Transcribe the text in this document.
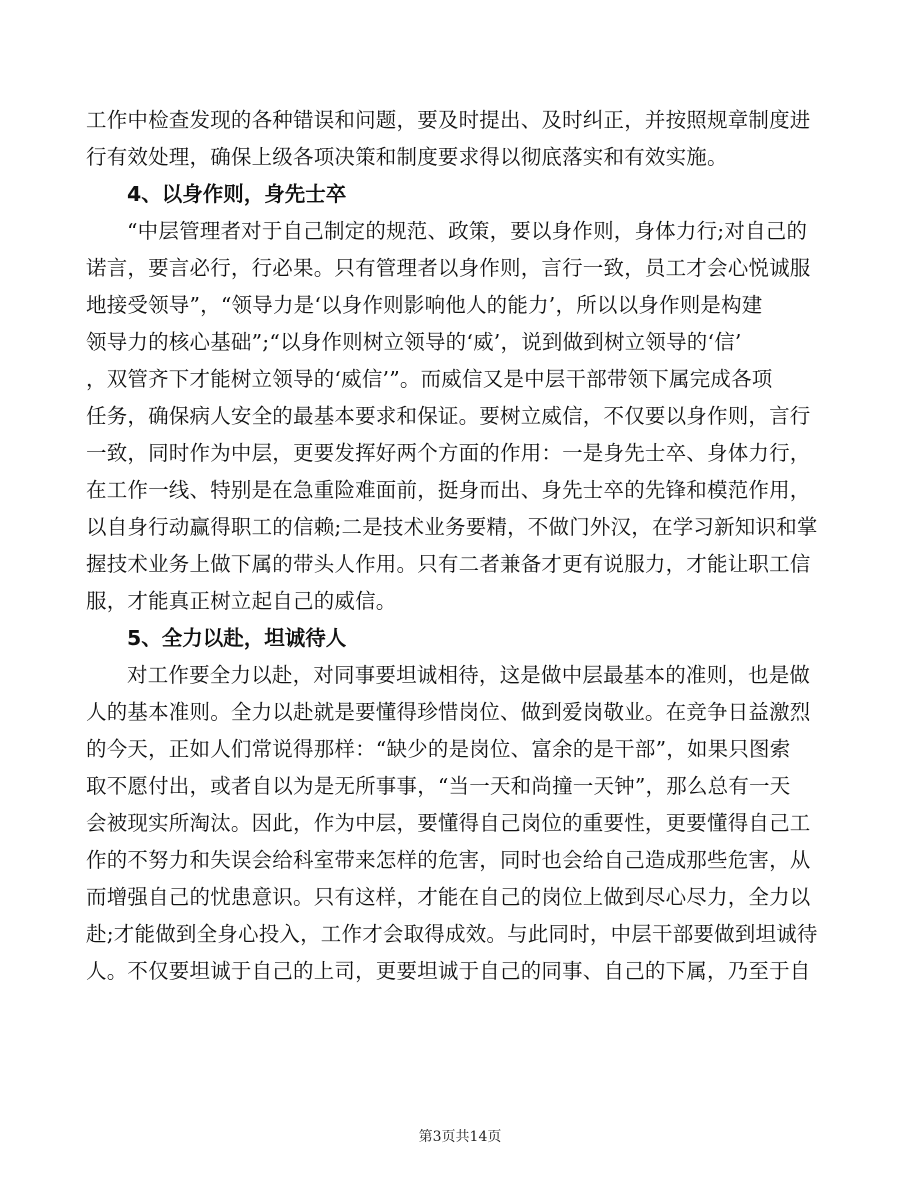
工作中检查发现的各种错误和问题，要及时提出、及时纠正，并按照规章制度进
行有效处理，确保上级各项决策和制度要求得以彻底落实和有效实施。
4、以身作则，身先士卒
“中层管理者对于自己制定的规范、政策，要以身作则，身体力行;对自己的
诺言，要言必行，行必果。只有管理者以身作则，言行一致，员工才会心悦诚服
地接受领导”，“领导力是‘以身作则影响他人的能力’，所以以身作则是构建
领导力的核心基础”;“以身作则树立领导的‘威’，说到做到树立领导的‘信’
，双管齐下才能树立领导的‘威信’”。而威信又是中层干部带领下属完成各项
任务，确保病人安全的最基本要求和保证。要树立威信，不仅要以身作则，言行
一致，同时作为中层，更要发挥好两个方面的作用：一是身先士卒、身体力行，
在工作一线、特别是在急重险难面前，挺身而出、身先士卒的先锋和模范作用，
以自身行动赢得职工的信赖;二是技术业务要精，不做门外汉，在学习新知识和掌
握技术业务上做下属的带头人作用。只有二者兼备才更有说服力，才能让职工信
服，才能真正树立起自己的威信。
5、全力以赴，坦诚待人
对工作要全力以赴，对同事要坦诚相待，这是做中层最基本的准则，也是做
人的基本准则。全力以赴就是要懂得珍惜岗位、做到爱岗敬业。在竞争日益激烈
的今天，正如人们常说得那样：“缺少的是岗位、富余的是干部”，如果只图索
取不愿付出，或者自以为是无所事事，“当一天和尚撞一天钟”，那么总有一天
会被现实所淘汰。因此，作为中层，要懂得自己岗位的重要性，更要懂得自己工
作的不努力和失误会给科室带来怎样的危害，同时也会给自己造成那些危害，从
而增强自己的忧患意识。只有这样，才能在自己的岗位上做到尽心尽力，全力以
赴;才能做到全身心投入，工作才会取得成效。与此同时，中层干部要做到坦诚待
人。不仅要坦诚于自己的上司，更要坦诚于自己的同事、自己的下属，乃至于自
第3页共14页
